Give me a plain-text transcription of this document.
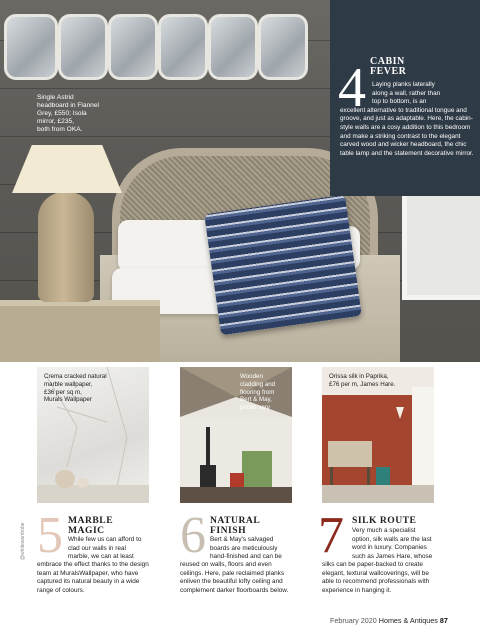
Single Astrid
headboard in Flannel
Grey, £550; Isola
mirror, £235,
both from OKA.
4 CABIN
FEVER
Laying planks laterally
along a wall, rather than
top to bottom, is an
excellent alternative to traditional tongue and groove, and just as adaptable. Here, the cabin-style walls are a cosy addition to this bedroom and make a striking contrast to the elegant carved wood and wicker headboard, the chic table lamp and the statement decorative mirror.
Crema cracked natural
marble wallpaper,
£36 per sq m,
Murals Wallpaper
Wooden
cladding and
flooring from
Bert & May,
prices vary
Orissa silk in Paprika,
£76 per m, James Hare.
5 MARBLE
MAGIC
While few us can afford to
clad our walls in real
marble, we can at least
embrace the effect thanks to the design
team at MuralsWallpaper, who have
captured its natural beauty in a wide
range of colours.
6 NATURAL
FINISH
Bert & May's salvaged
boards are meticulously
hand-finished and can be
reused on walls, floors and even
ceilings. Here, pale reclaimed planks
enliven the beautiful lofty ceiling and
complement darker floorboards below.
7 SILK ROUTE
Very much a specialist
option, silk walls are the last
word in luxury. Companies
such as James Hare, whose
silks can be paper-backed to create
elegant, textural wallcoverings, will be
able to recommend professionals with
experience in hanging it.
@whitewardrobe
February 2020 Homes & Antiques 87
